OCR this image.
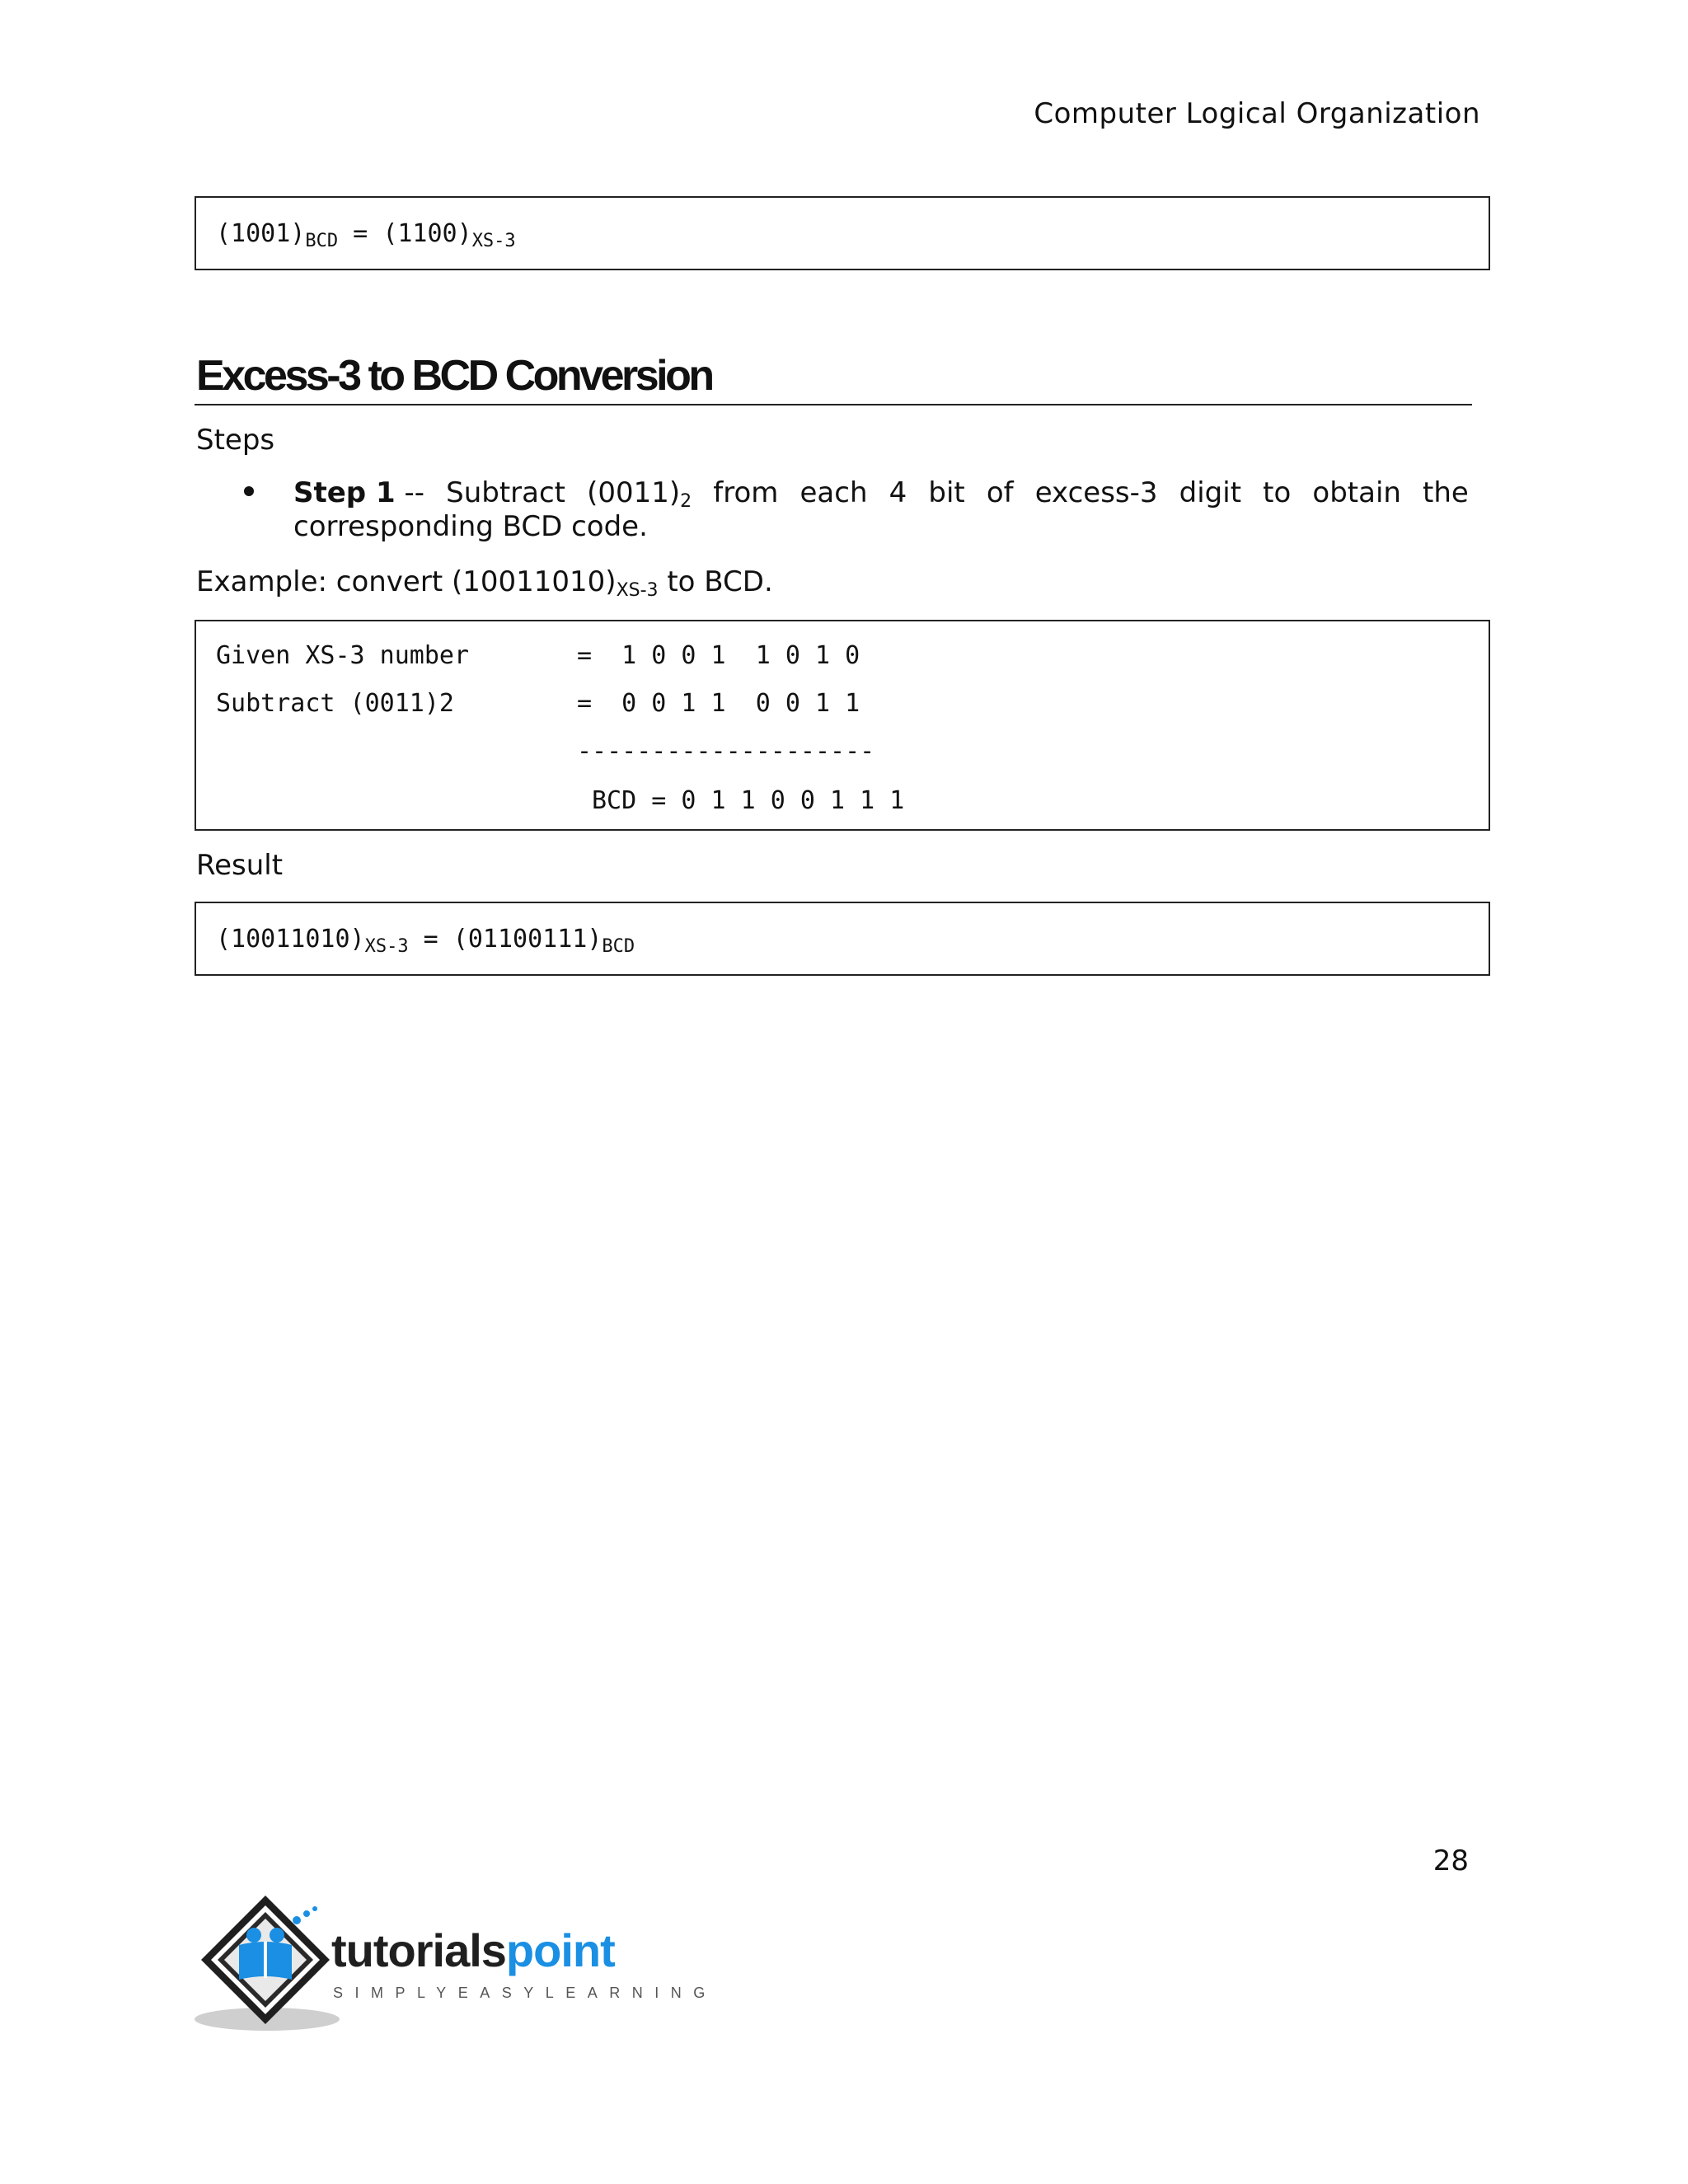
Computer Logical Organization
$(1001)_{BCD} = (1100)_{XS-3}$
Excess-3 to BCD Conversion
Steps
Step 1 -- Subtract $(0011)_2$ from each 4 bit of excess-3 digit to obtain the
corresponding BCD code.
Example: convert $(10011010)_{XS-3}$ to BCD.
Given XS-3 number	=  1 0 0 1  1 0 1 0
Subtract (0011)2	=  0 0 1 1  0 0 1 1
--------------------
BCD = 0 1 1 0 0 1 1 1
Result
$(10011010)_{XS-3} = (01100111)_{BCD}$
28
tutorialspoint
SIMPLYEASYLEARNING
